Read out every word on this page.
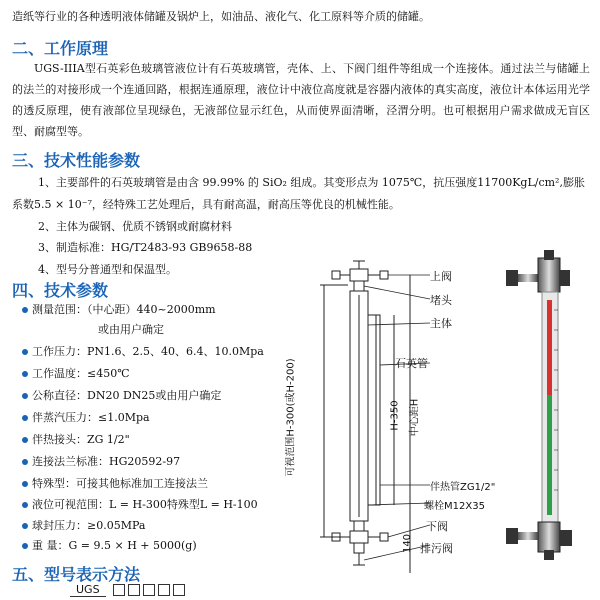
造纸等行业的各种透明液体储罐及锅炉上，如油品、液化气、化工原料等介质的储罐。
二、工作原理
UGS-IIIA型石英彩色玻璃管液位计有石英玻璃管，壳体、上、下阀门组件等组成一个连接体。通过法兰与储罐上的法兰的对接形成一个连通回路，根据连通原理，液位计中液位高度就是容器内液体的真实高度，液位计本体运用光学的透反原理，使有液部位呈现绿色，无液部位显示红色，从而使界面清晰，泾渭分明。也可根据用户需求做成无盲区型、耐腐型等。
三、技术性能参数
1、主要部件的石英玻璃管是由含 99.99% 的 SiO₂ 组成。其变形点为 1075℃，抗压强度11700KgL/cm²,膨胀
系数5.5 × 10⁻⁷，经特殊工艺处理后，具有耐高温，耐高压等优良的机械性能。
2、主体为碳钢、优质不锈钢或耐腐材料
3、制造标准：HG/T2483-93 GB9658-88
4、型号分普通型和保温型。
四、技术参数
测量范围：（中心距）440~2000mm
或由用户确定
工作压力：PN1.6、2.5、40、6.4、10.0Mpa
工作温度：≤450℃
公称直径：DN20 DN25或由用户确定
伴蒸汽压力：≤1.0Mpa
伴热接头：ZG 1/2"
连接法兰标准：HG20592-97
特殊型：可接其他标准加工连接法兰
液位可视范围：L = H-300特殊型L = H-100
球封压力：≥0.05MPa
重 量：G = 9.5 × H + 5000(g)
五、型号表示方法
UGS
上阀
堵头
主体
石英管
可视范围H-300(或H-200)	H-350 中心距H
伴热管ZG1/2"
螺栓M12X35
下阀
排污阀
140
